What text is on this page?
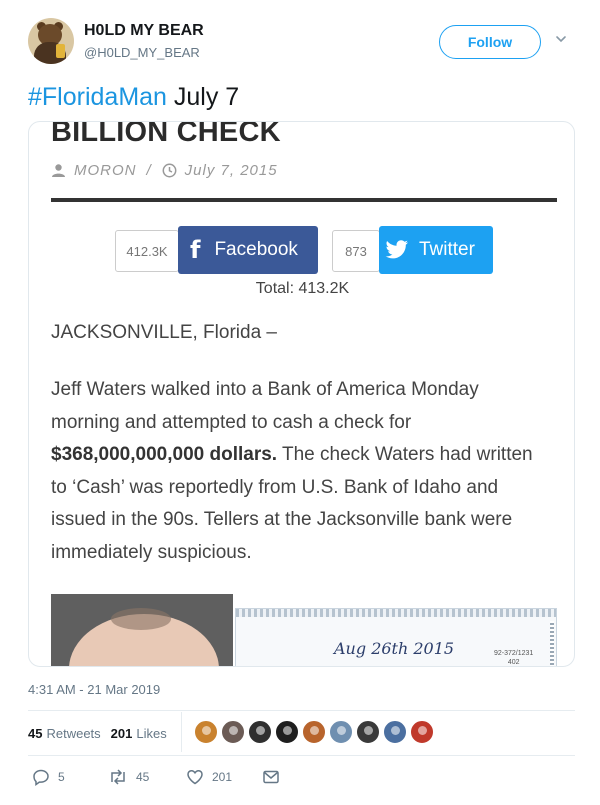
H0LD MY BEAR
@H0LD_MY_BEAR
Follow
#FloridaMan July 7
BILLION CHECK
MORON / July 7, 2015
412.3K f Facebook	873	Twitter
Total: 413.2K
JACKSONVILLE, Florida –
Jeff Waters walked into a Bank of America Monday morning and attempted to cash a check for $368,000,000,000 dollars. The check Waters had written to ‘Cash’ was reportedly from U.S. Bank of Idaho and issued in the 90s. Tellers at the Jacksonville bank were immediately suspicious.
Aug 26th 2015	92-372/1231
402
4:31 AM - 21 Mar 2019
45 Retweets 201 Likes
5	45	201
